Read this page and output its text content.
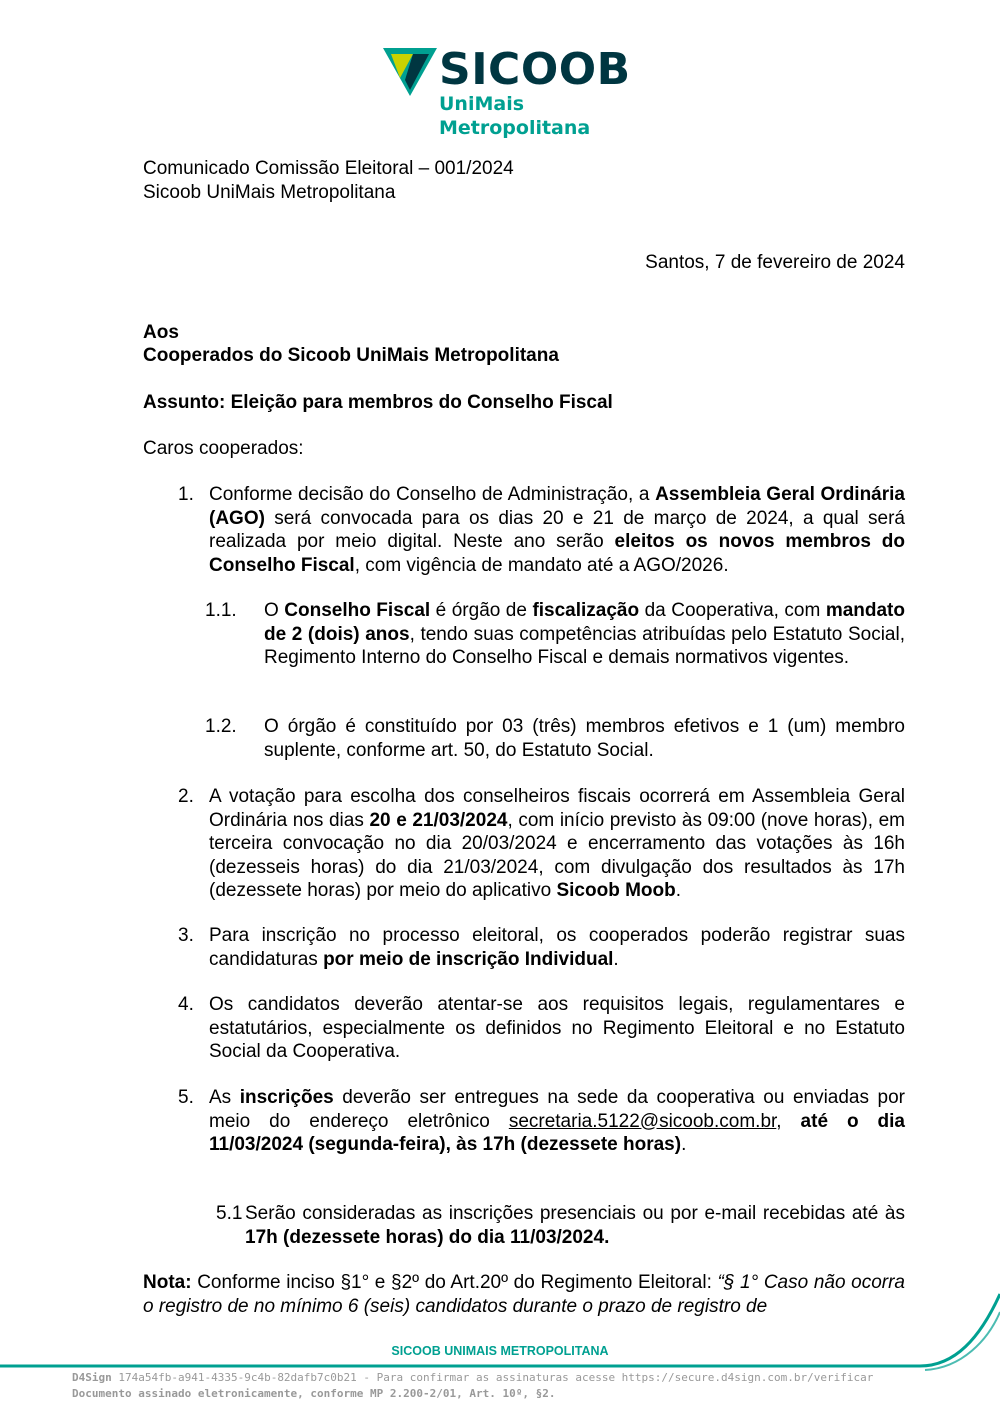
SICOOB
UniMais Metropolitana
Comunicado Comissão Eleitoral – 001/2024
Sicoob UniMais Metropolitana
Santos, 7 de fevereiro de 2024
Aos
Cooperados do Sicoob UniMais Metropolitana
Assunto: Eleição para membros do Conselho Fiscal
Caros cooperados:
1. Conforme decisão do Conselho de Administração, a Assembleia Geral Ordinária (AGO) será convocada para os dias 20 e 21 de março de 2024, a qual será realizada por meio digital. Neste ano serão eleitos os novos membros do Conselho Fiscal, com vigência de mandato até a AGO/2026.
1.1. O Conselho Fiscal é órgão de fiscalização da Cooperativa, com mandato de 2 (dois) anos, tendo suas competências atribuídas pelo Estatuto Social, Regimento Interno do Conselho Fiscal e demais normativos vigentes.
1.2. O órgão é constituído por 03 (três) membros efetivos e 1 (um) membro suplente, conforme art. 50, do Estatuto Social.
2. A votação para escolha dos conselheiros fiscais ocorrerá em Assembleia Geral Ordinária nos dias 20 e 21/03/2024, com início previsto às 09:00 (nove horas), em terceira convocação no dia 20/03/2024 e encerramento das votações às 16h (dezesseis horas) do dia 21/03/2024, com divulgação dos resultados às 17h (dezessete horas) por meio do aplicativo Sicoob Moob.
3. Para inscrição no processo eleitoral, os cooperados poderão registrar suas candidaturas por meio de inscrição Individual.
4. Os candidatos deverão atentar-se aos requisitos legais, regulamentares e estatutários, especialmente os definidos no Regimento Eleitoral e no Estatuto Social da Cooperativa.
5. As inscrições deverão ser entregues na sede da cooperativa ou enviadas por meio do endereço eletrônico secretaria.5122@sicoob.com.br, até o dia 11/03/2024 (segunda-feira), às 17h (dezessete horas).
5.1 Serão consideradas as inscrições presenciais ou por e-mail recebidas até às 17h (dezessete horas) do dia 11/03/2024.
Nota: Conforme inciso §1° e §2º do Art.20º do Regimento Eleitoral: “§ 1° Caso não ocorra o registro de no mínimo 6 (seis) candidatos durante o prazo de registro de
SICOOB UNIMAIS METROPOLITANA
D4Sign 174a54fb-a941-4335-9c4b-82dafb7c0b21 - Para confirmar as assinaturas acesse https://secure.d4sign.com.br/verificar
Documento assinado eletronicamente, conforme MP 2.200-2/01, Art. 10º, §2.
